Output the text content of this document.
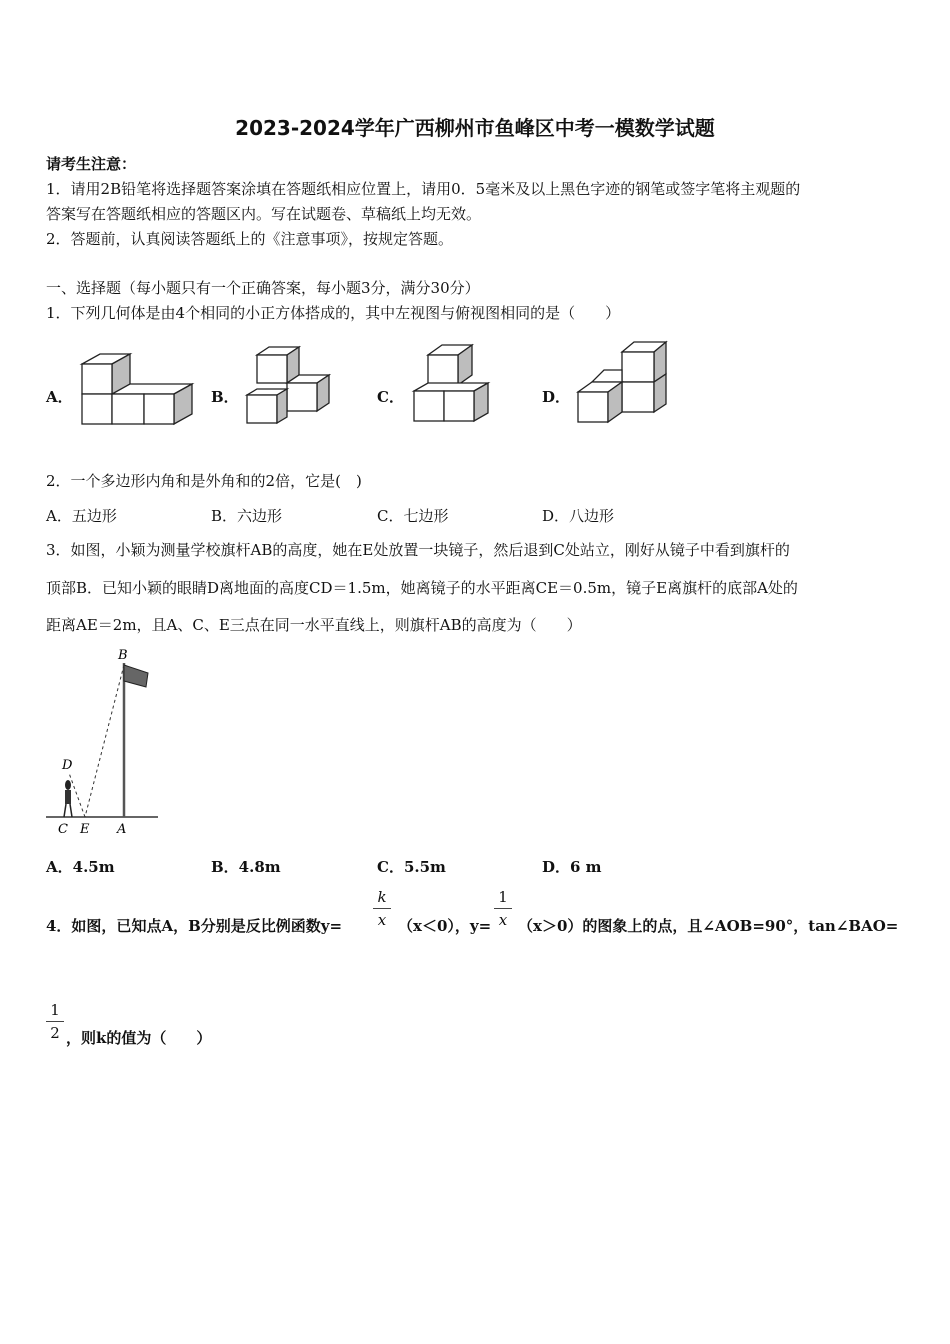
2023-2024学年广西柳州市鱼峰区中考一模数学试题
请考生注意：
1．请用2B铅笔将选择题答案涂填在答题纸相应位置上，请用0．5毫米及以上黑色字迹的钢笔或签字笔将主观题的
答案写在答题纸相应的答题区内。写在试题卷、草稿纸上均无效。
2．答题前，认真阅读答题纸上的《注意事项》，按规定答题。
一、选择题（每小题只有一个正确答案，每小题3分，满分30分）
1．下列几何体是由4个相同的小正方体搭成的，其中左视图与俯视图相同的是（　　）
A．	B．	C．	D．
2．一个多边形内角和是外角和的2倍，它是(　)
A．五边形	B．六边形	C．七边形	D．八边形
3．如图，小颖为测量学校旗杆AB的高度，她在E处放置一块镜子，然后退到C处站立，刚好从镜子中看到旗杆的
顶部B．已知小颖的眼睛D离地面的高度CD＝1.5m，她离镜子的水平距离CE＝0.5m，镜子E离旗杆的底部A处的
距离AE＝2m，且A、C、E三点在同一水平直线上，则旗杆AB的高度为（　　）
B
D
C E A
A．4.5m	B．4.8m	C．5.5m	D．6 m
4．如图，已知点A，B分别是反比例函数y=
k
x （x＜0），y=
1
x （x＞0）的图象上的点，且∠AOB=90°，tan∠BAO=
1
2 ，则k的值为（　　）
